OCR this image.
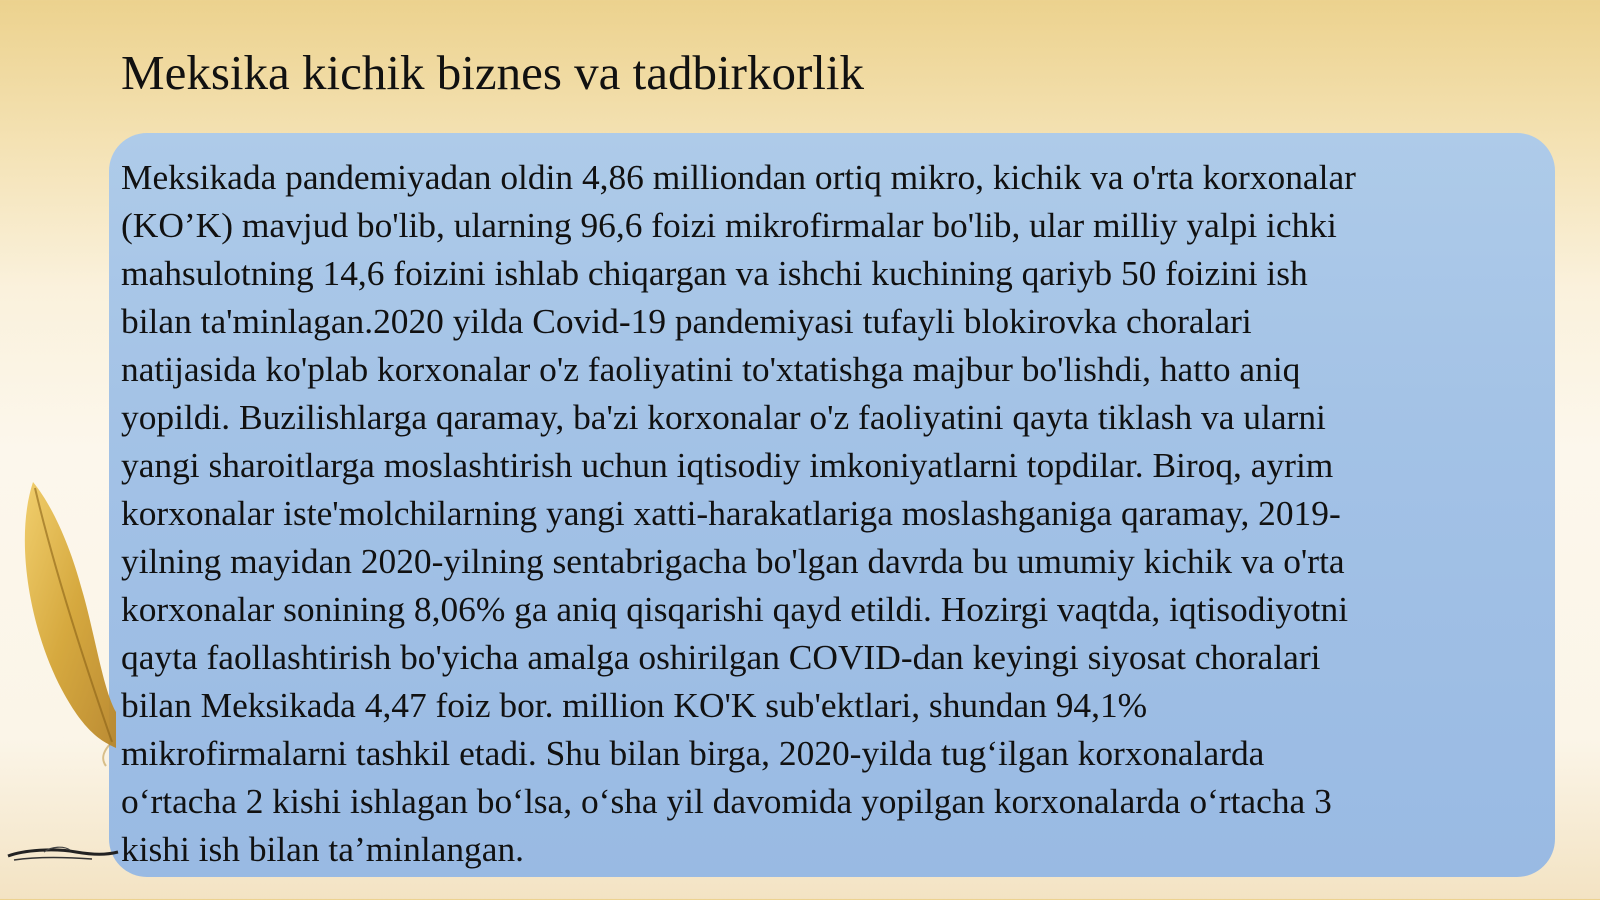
Meksika kichik biznes va tadbirkorlik

Meksikada pandemiyadan oldin 4,86 milliondan ortiq mikro, kichik va o'rta korxonalar
(KO’K) mavjud bo'lib, ularning 96,6 foizi mikrofirmalar bo'lib, ular milliy yalpi ichki
mahsulotning 14,6 foizini ishlab chiqargan va ishchi kuchining qariyb 50 foizini ish
bilan ta'minlagan.2020 yilda Covid-19 pandemiyasi tufayli blokirovka choralari
natijasida ko'plab korxonalar o'z faoliyatini to'xtatishga majbur bo'lishdi, hatto aniq
yopildi. Buzilishlarga qaramay, ba'zi korxonalar o'z faoliyatini qayta tiklash va ularni
yangi sharoitlarga moslashtirish uchun iqtisodiy imkoniyatlarni topdilar. Biroq, ayrim
korxonalar iste'molchilarning yangi xatti-harakatlariga moslashganiga qaramay, 2019-
yilning mayidan 2020-yilning sentabrigacha bo'lgan davrda bu umumiy kichik va o'rta
korxonalar sonining 8,06% ga aniq qisqarishi qayd etildi. Hozirgi vaqtda, iqtisodiyotni
qayta faollashtirish bo'yicha amalga oshirilgan COVID-dan keyingi siyosat choralari
bilan Meksikada 4,47 foiz bor. million KO'K sub'ektlari, shundan 94,1%
mikrofirmalarni tashkil etadi. Shu bilan birga, 2020-yilda tug‘ilgan korxonalarda
o‘rtacha 2 kishi ishlagan bo‘lsa, o‘sha yil davomida yopilgan korxonalarda o‘rtacha 3
kishi ish bilan ta’minlangan.
